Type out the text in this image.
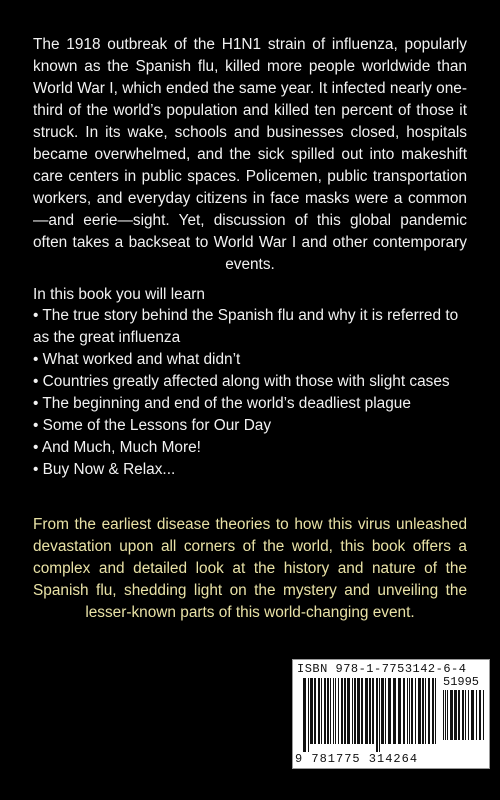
The 1918 outbreak of the H1N1 strain of influenza, popularly known as the Spanish flu, killed more people worldwide than World War I, which ended the same year. It infected nearly one-third of the world’s population and killed ten percent of those it struck. In its wake, schools and businesses closed, hospitals became overwhelmed, and the sick spilled out into makeshift care centers in public spaces. Policemen, public transportation workers, and everyday citizens in face masks were a common—and eerie—sight. Yet, discussion of this global pandemic often takes a backseat to World War I and other contemporary events.

In this book you will learn

• The true story behind the Spanish flu and why it is referred to as the great influenza
• What worked and what didn’t
• Countries greatly affected along with those with slight cases
• The beginning and end of the world’s deadliest plague
• Some of the Lessons for Our Day
• And Much, Much More!
• Buy Now & Relax...

From the earliest disease theories to how this virus unleashed devastation upon all corners of the world, this book offers a complex and detailed look at the history and nature of the Spanish flu, shedding light on the mystery and unveiling the lesser-known parts of this world-changing event.

ISBN 978-1-7753142-6-4
51995
9 781775 314264
